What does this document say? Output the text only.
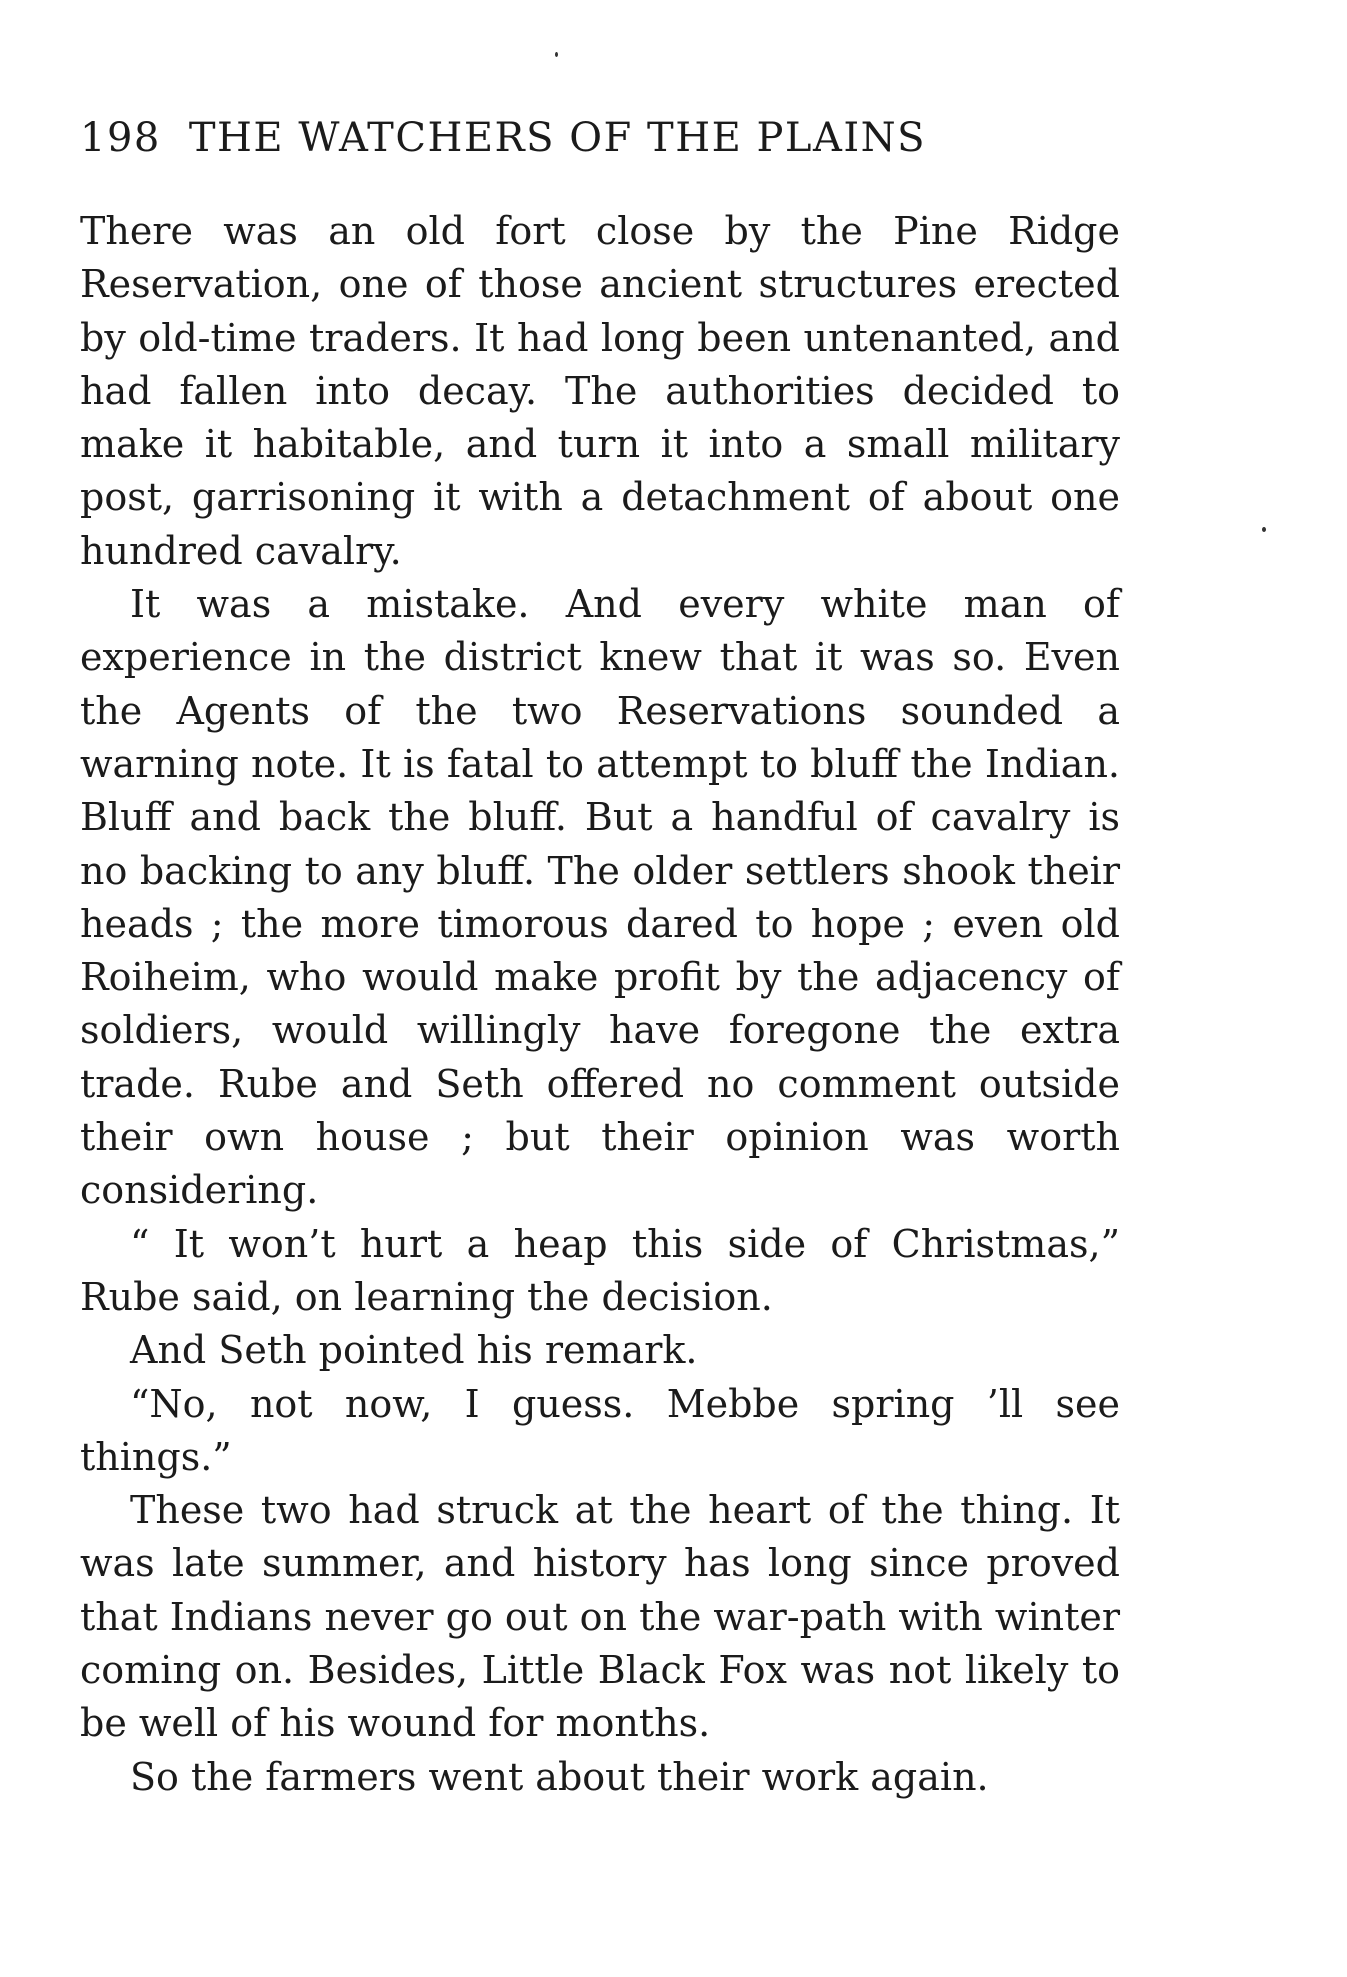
198 THE WATCHERS OF THE PLAINS

There was an old fort close by the Pine Ridge Reservation, one of those ancient structures erected by old-time traders. It had long been untenanted, and had fallen into decay. The authorities decided to make it habitable, and turn it into a small military post, garrisoning it with a detachment of about one hundred cavalry.

It was a mistake. And every white man of experience in the district knew that it was so. Even the Agents of the two Reservations sounded a warning note. It is fatal to attempt to bluff the Indian. Bluff and back the bluff. But a handful of cavalry is no backing to any bluff. The older settlers shook their heads ; the more timorous dared to hope ; even old Roiheim, who would make profit by the adjacency of soldiers, would willingly have foregone the extra trade. Rube and Seth offered no comment outside their own house ; but their opinion was worth considering.

“ It won’t hurt a heap this side of Christmas,” Rube said, on learning the decision.

And Seth pointed his remark.

“No, not now, I guess. Mebbe spring ’ll see things.”

These two had struck at the heart of the thing. It was late summer, and history has long since proved that Indians never go out on the war-path with winter coming on. Besides, Little Black Fox was not likely to be well of his wound for months.

So the farmers went about their work again.
